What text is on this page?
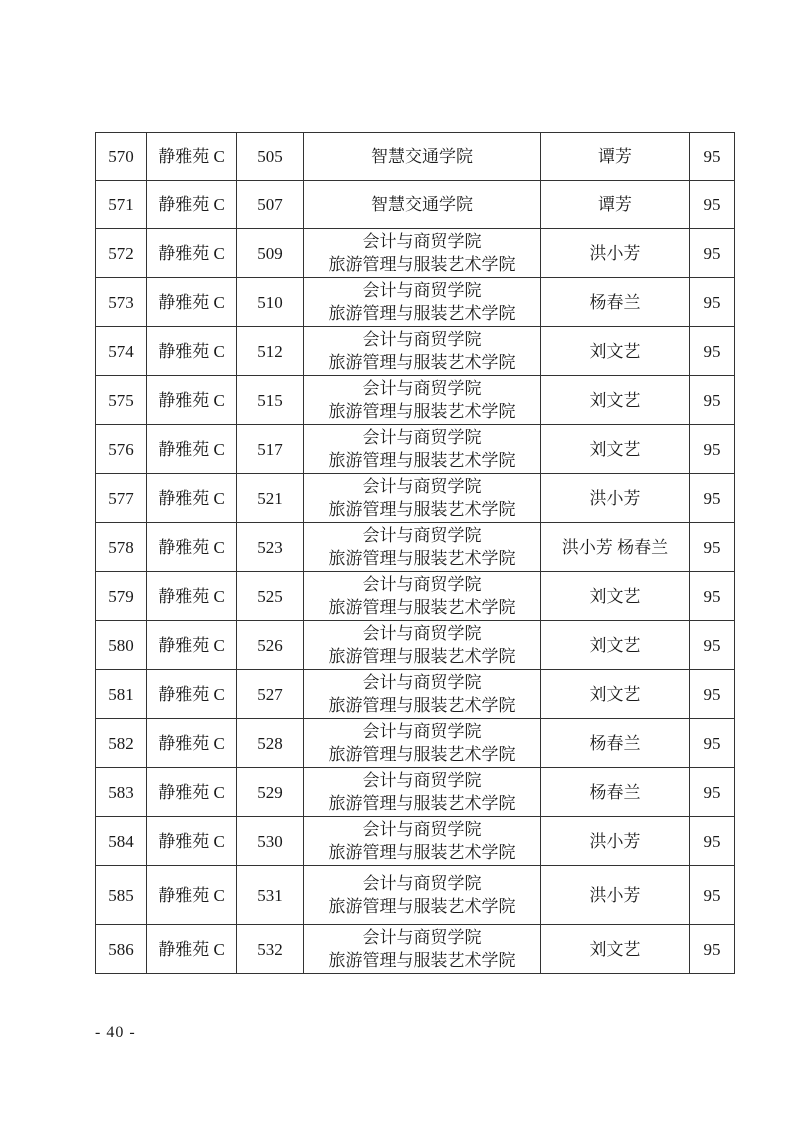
570	静雅苑 C	505	智慧交通学院	谭芳	95
571	静雅苑 C	507	智慧交通学院	谭芳	95
572	静雅苑 C	509	会计与商贸学院
旅游管理与服装艺术学院	洪小芳	95
573	静雅苑 C	510	会计与商贸学院
旅游管理与服装艺术学院	杨春兰	95
574	静雅苑 C	512	会计与商贸学院
旅游管理与服装艺术学院	刘文艺	95
575	静雅苑 C	515	会计与商贸学院
旅游管理与服装艺术学院	刘文艺	95
576	静雅苑 C	517	会计与商贸学院
旅游管理与服装艺术学院	刘文艺	95
577	静雅苑 C	521	会计与商贸学院
旅游管理与服装艺术学院	洪小芳	95
578	静雅苑 C	523	会计与商贸学院
旅游管理与服装艺术学院	洪小芳 杨春兰	95
579	静雅苑 C	525	会计与商贸学院
旅游管理与服装艺术学院	刘文艺	95
580	静雅苑 C	526	会计与商贸学院
旅游管理与服装艺术学院	刘文艺	95
581	静雅苑 C	527	会计与商贸学院
旅游管理与服装艺术学院	刘文艺	95
582	静雅苑 C	528	会计与商贸学院
旅游管理与服装艺术学院	杨春兰	95
583	静雅苑 C	529	会计与商贸学院
旅游管理与服装艺术学院	杨春兰	95
584	静雅苑 C	530	会计与商贸学院
旅游管理与服装艺术学院	洪小芳	95
585	静雅苑 C	531	会计与商贸学院
旅游管理与服装艺术学院	洪小芳	95
586	静雅苑 C	532	会计与商贸学院
旅游管理与服装艺术学院	刘文艺	95
- 40 -
